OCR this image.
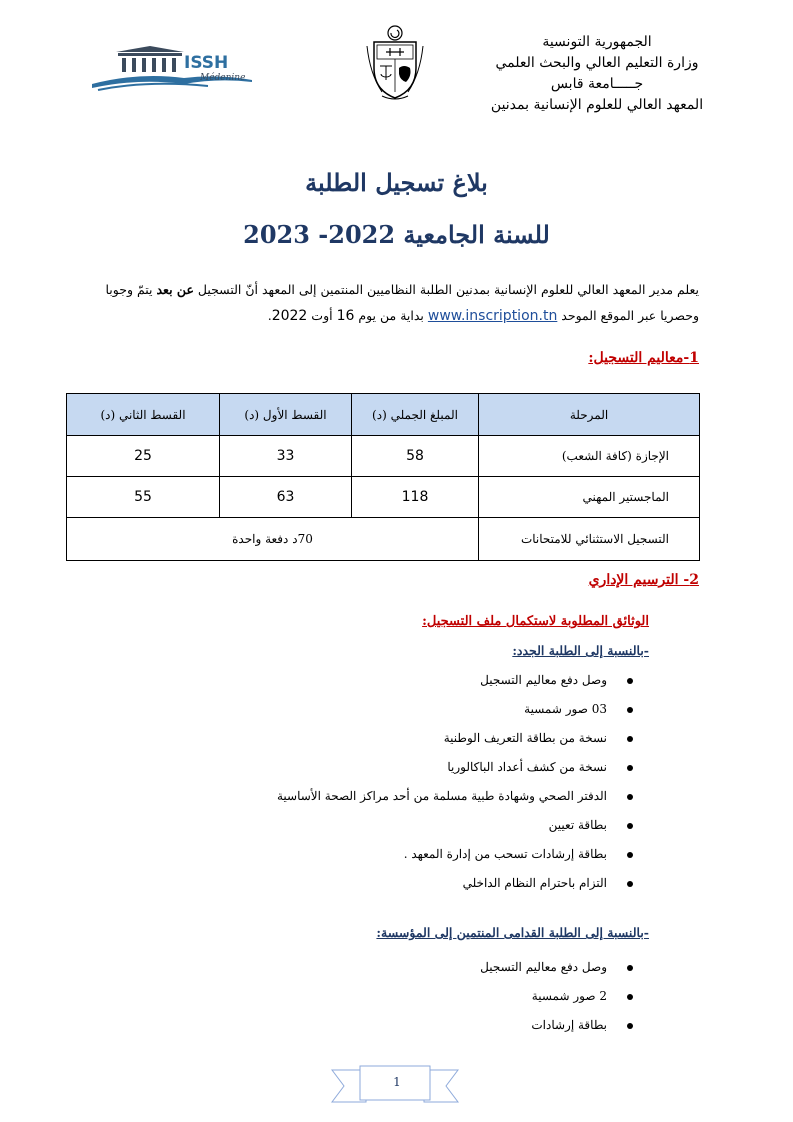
الجمهورية التونسية
وزارة التعليم العالي والبحث العلمي
جـــــامعة قابس
المعهد العالي للعلوم الإنسانية بمدنين
ISSH
Médenine
بلاغ تسجيل الطلبة
للسنة الجامعية 2022- 2023
يعلم مدير المعهد العالي للعلوم الإنسانية بمدنين الطلبة النظاميين المنتمين إلى المعهد أنّ التسجيل عن بعد يتمّ وجوبا
وحصريا عبر الموقع الموحد www.inscription.tn بداية من يوم 16 أوت 2022.
1-معاليم التسجيل:
المرحلة	المبلغ الجملي (د)	القسط الأول (د)	القسط الثاني (د)
الإجازة (كافة الشعب)	58	33	25
الماجستير المهني	118	63	55
التسجيل الاستثنائي للامتحانات	70د دفعة واحدة		
2- الترسيم الإداري
الوثائق المطلوبة لاستكمال ملف التسجيل:
-بالنسبة إلى الطلبة الجدد:
وصل دفع معاليم التسجيل
03 صور شمسية
نسخة من بطاقة التعريف الوطنية
نسخة من كشف أعداد الباكالوريا
الدفتر الصحي وشهادة طبية مسلمة من أحد مراكز الصحة الأساسية
بطاقة تعيين
بطاقة إرشادات تسحب من إدارة المعهد .
التزام باحترام النظام الداخلي
-بالنسبة إلى الطلبة القدامى المنتمين إلى المؤسسة:
وصل دفع معاليم التسجيل
2 صور شمسية
بطاقة إرشادات
1
